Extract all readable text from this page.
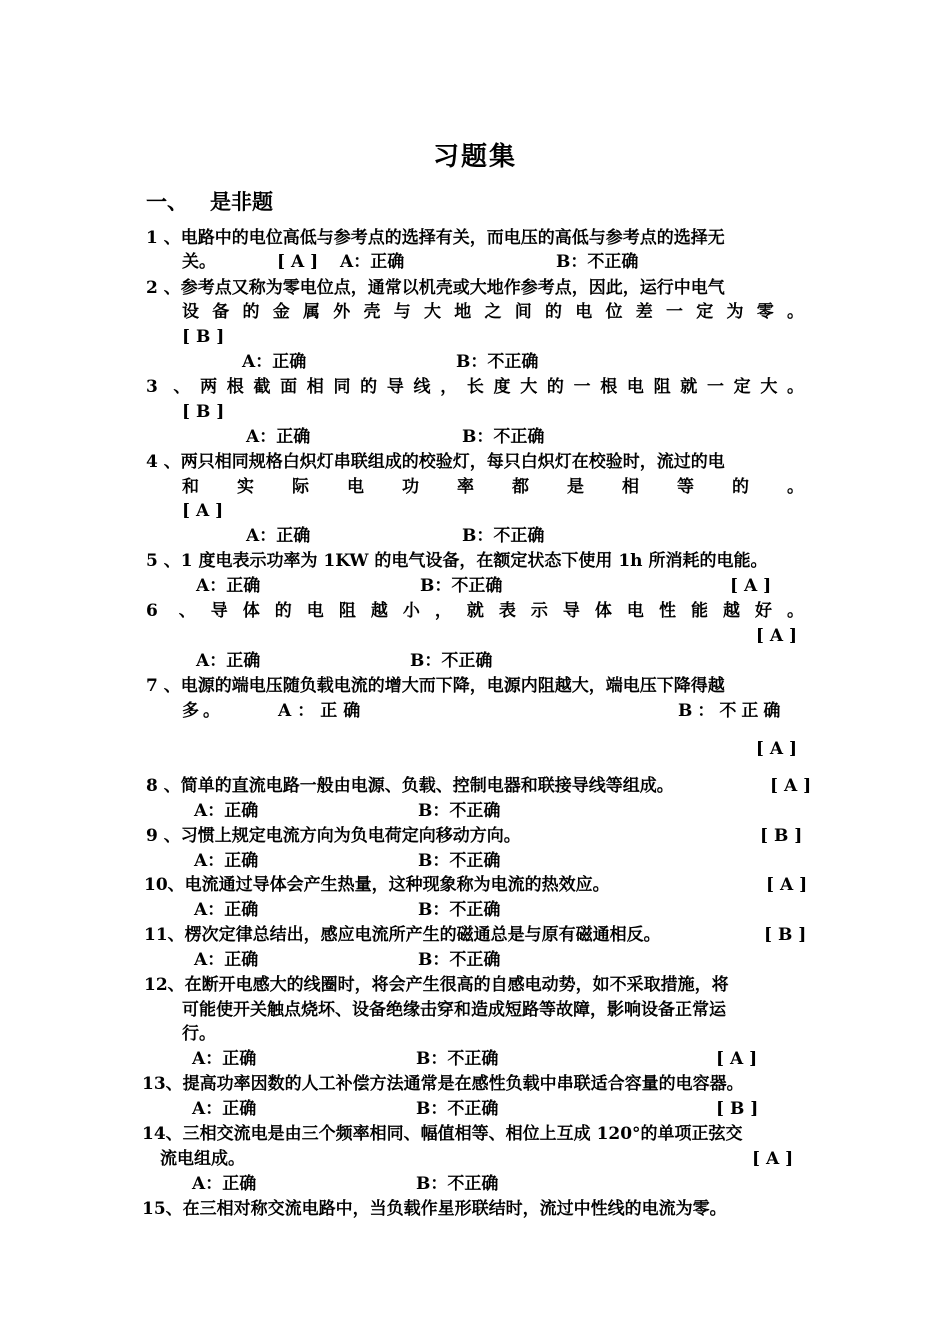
习题集
一、 是非题
1 、电路中的电位高低与参考点的选择有关，而电压的高低与参考点的选择无
关。	[ A ] A：正确	B：不正确
2 、参考点又称为零电位点，通常以机壳或大地作参考点，因此，运行中电气
设备的金属外壳与大地之间的电位差一定为零。
[ B ]
A：正确	B：不正确
3 、两根截面相同的导线，长度大的一根电阻就一定大。
[ B ]
A：正确	B：不正确
4 、两只相同规格白炽灯串联组成的校验灯，每只白炽灯在校验时，流过的电
和实际电功率都是相等的。
[ A ]
A：正确	B：不正确
5 、1 度电表示功率为 1KW 的电气设备，在额定状态下使用 1h 所消耗的电能。
A：正确	B：不正确	[ A ]
6 、导体的电阻越小，就表示导体电性能越好。
[ A ]
A：正确	B：不正确
7 、电源的端电压随负载电流的增大而下降，电源内阻越大，端电压下降得越
多。	A：正确	B：不正确
[ A ]
8 、简单的直流电路一般由电源、负载、控制电器和联接导线等组成。	[ A ]
A：正确	B：不正确
9 、习惯上规定电流方向为负电荷定向移动方向。	[ B ]
A：正确	B：不正确
10、电流通过导体会产生热量，这种现象称为电流的热效应。	[ A ]
A：正确	B：不正确
11、楞次定律总结出，感应电流所产生的磁通总是与原有磁通相反。	[ B ]
A：正确	B：不正确
12、在断开电感大的线圈时，将会产生很高的自感电动势，如不采取措施，将
可能使开关触点烧坏、设备绝缘击穿和造成短路等故障，影响设备正常运
行。
A：正确	B：不正确	[ A ]
13、提高功率因数的人工补偿方法通常是在感性负载中串联适合容量的电容器。
A：正确	B：不正确	[ B ]
14、三相交流电是由三个频率相同、幅值相等、相位上互成 120°的单项正弦交
流电组成。	[ A ]
A：正确	B：不正确
15、在三相对称交流电路中，当负载作星形联结时，流过中性线的电流为零。
